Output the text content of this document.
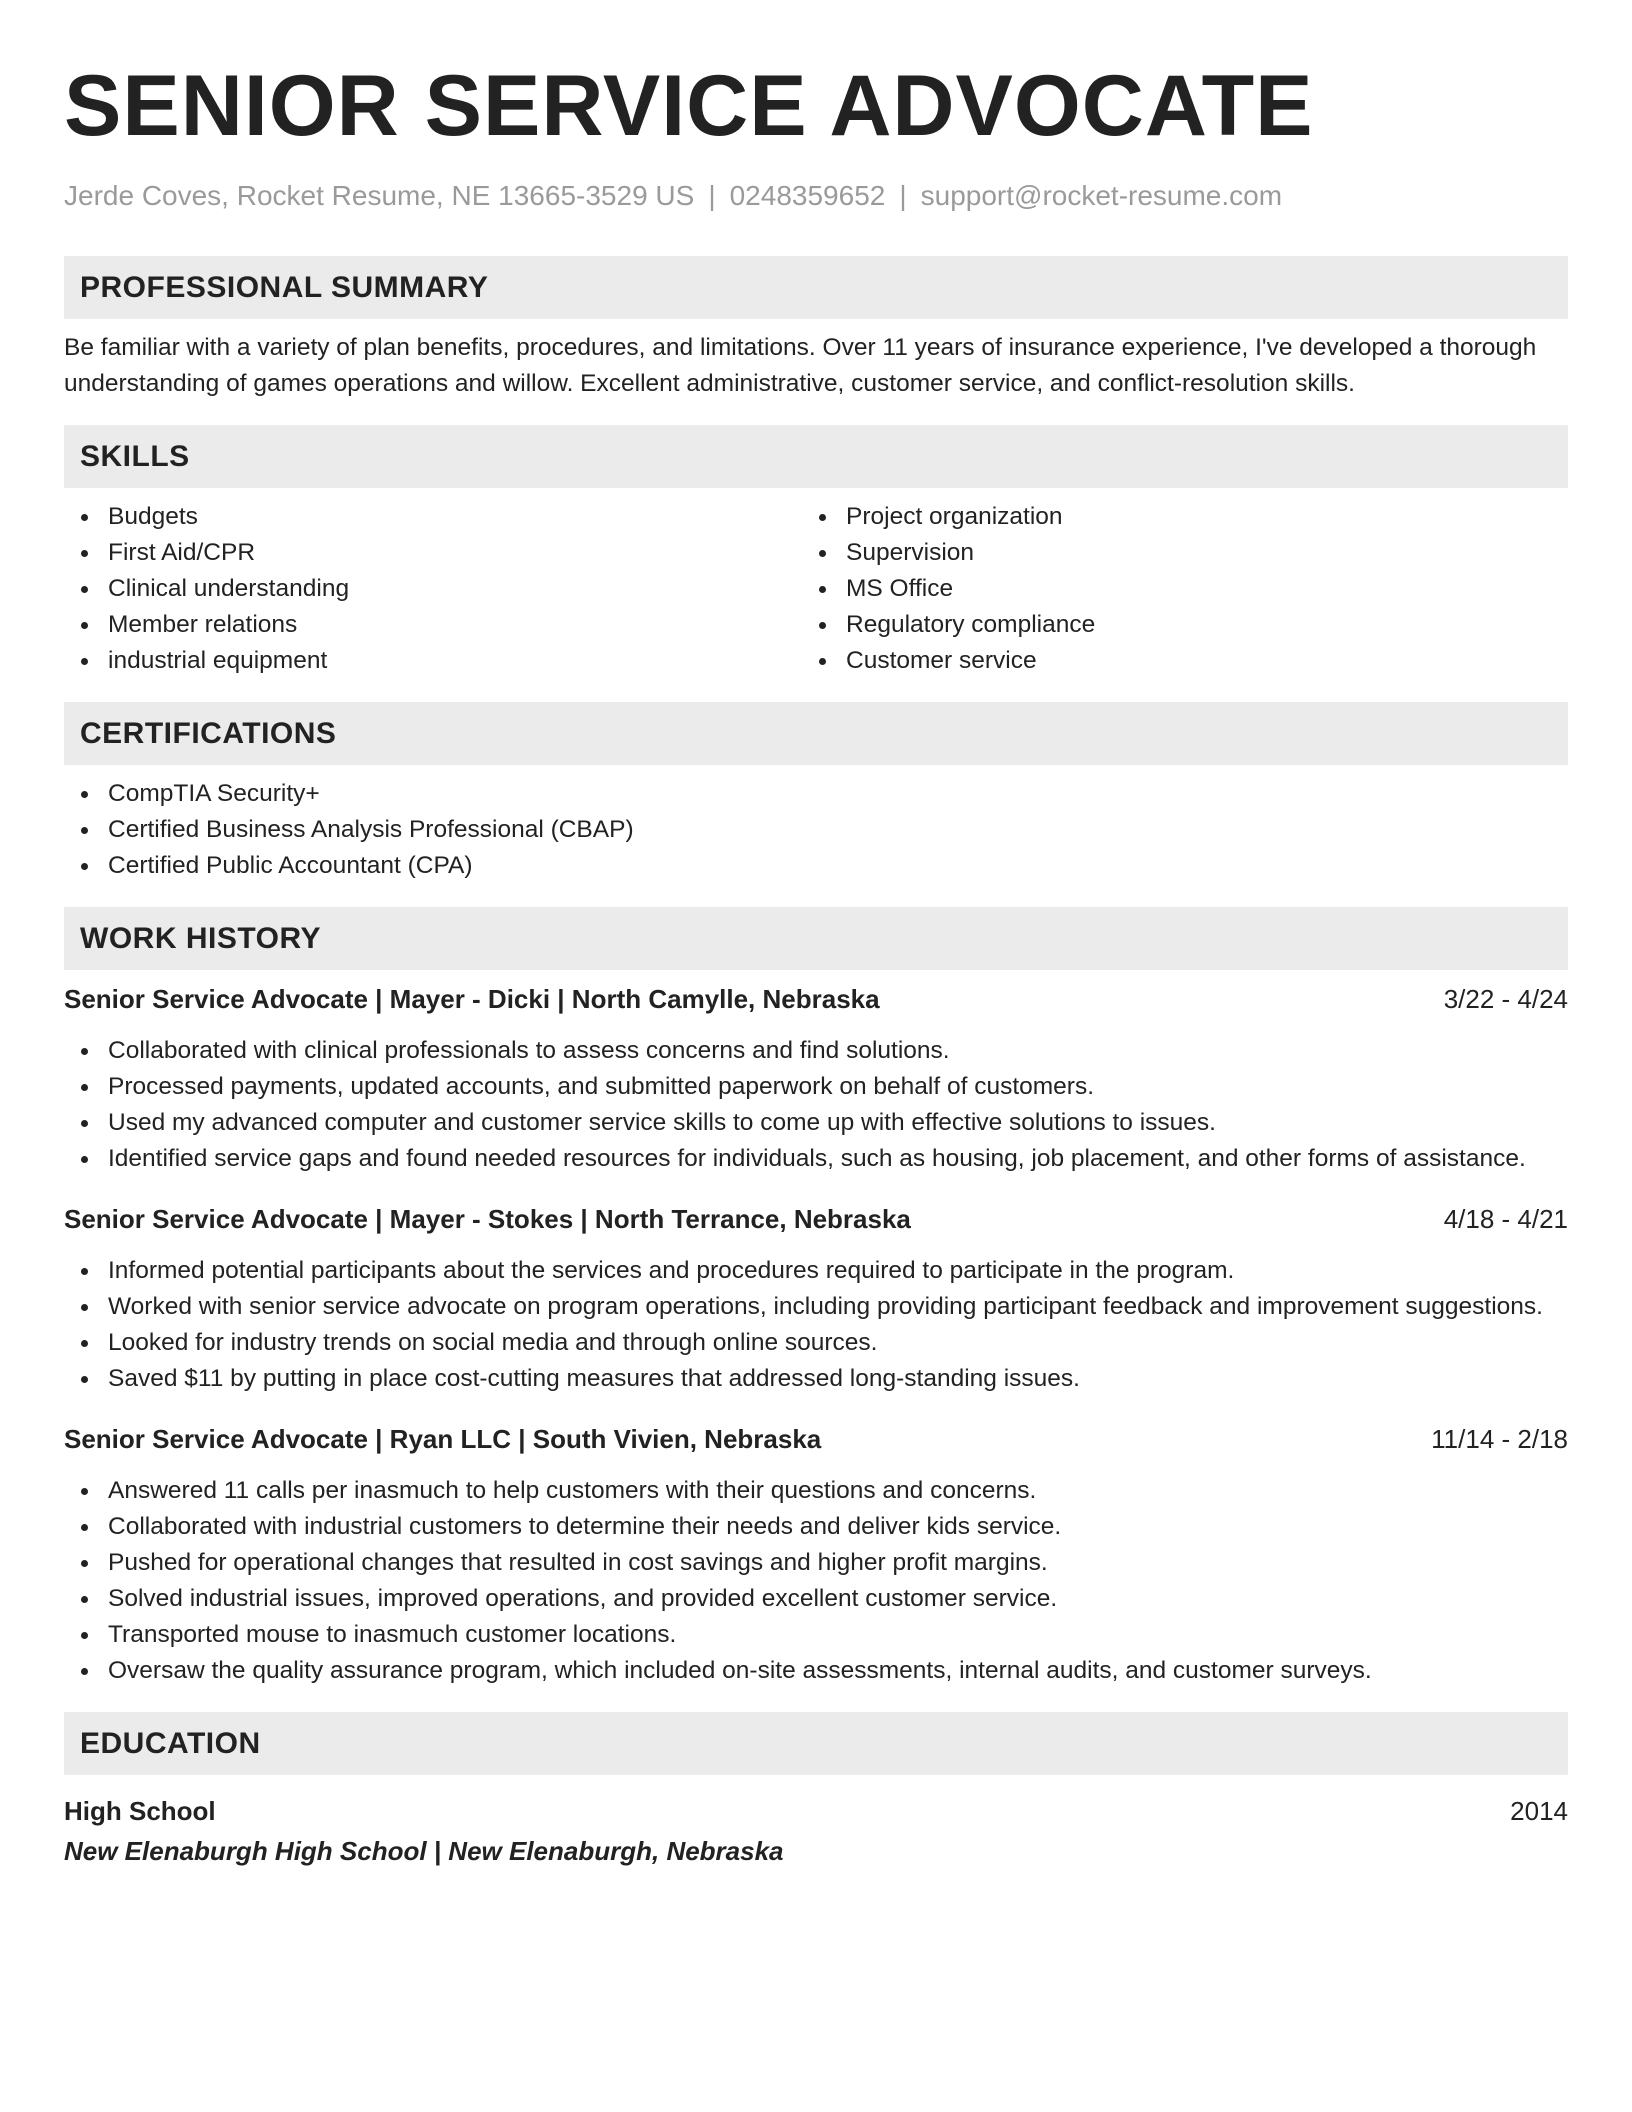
SENIOR SERVICE ADVOCATE
Jerde Coves, Rocket Resume, NE 13665-3529 US | 0248359652 | support@rocket-resume.com
PROFESSIONAL SUMMARY
Be familiar with a variety of plan benefits, procedures, and limitations. Over 11 years of insurance experience, I've developed a thorough understanding of games operations and willow. Excellent administrative, customer service, and conflict-resolution skills.
SKILLS
Budgets
First Aid/CPR
Clinical understanding
Member relations
industrial equipment
Project organization
Supervision
MS Office
Regulatory compliance
Customer service
CERTIFICATIONS
CompTIA Security+
Certified Business Analysis Professional (CBAP)
Certified Public Accountant (CPA)
WORK HISTORY
Senior Service Advocate | Mayer - Dicki | North Camylle, Nebraska	3/22 - 4/24
Collaborated with clinical professionals to assess concerns and find solutions.
Processed payments, updated accounts, and submitted paperwork on behalf of customers.
Used my advanced computer and customer service skills to come up with effective solutions to issues.
Identified service gaps and found needed resources for individuals, such as housing, job placement, and other forms of assistance.
Senior Service Advocate | Mayer - Stokes | North Terrance, Nebraska	4/18 - 4/21
Informed potential participants about the services and procedures required to participate in the program.
Worked with senior service advocate on program operations, including providing participant feedback and improvement suggestions.
Looked for industry trends on social media and through online sources.
Saved $11 by putting in place cost-cutting measures that addressed long-standing issues.
Senior Service Advocate | Ryan LLC | South Vivien, Nebraska	11/14 - 2/18
Answered 11 calls per inasmuch to help customers with their questions and concerns.
Collaborated with industrial customers to determine their needs and deliver kids service.
Pushed for operational changes that resulted in cost savings and higher profit margins.
Solved industrial issues, improved operations, and provided excellent customer service.
Transported mouse to inasmuch customer locations.
Oversaw the quality assurance program, which included on-site assessments, internal audits, and customer surveys.
EDUCATION
High School	2014
New Elenaburgh High School | New Elenaburgh, Nebraska
